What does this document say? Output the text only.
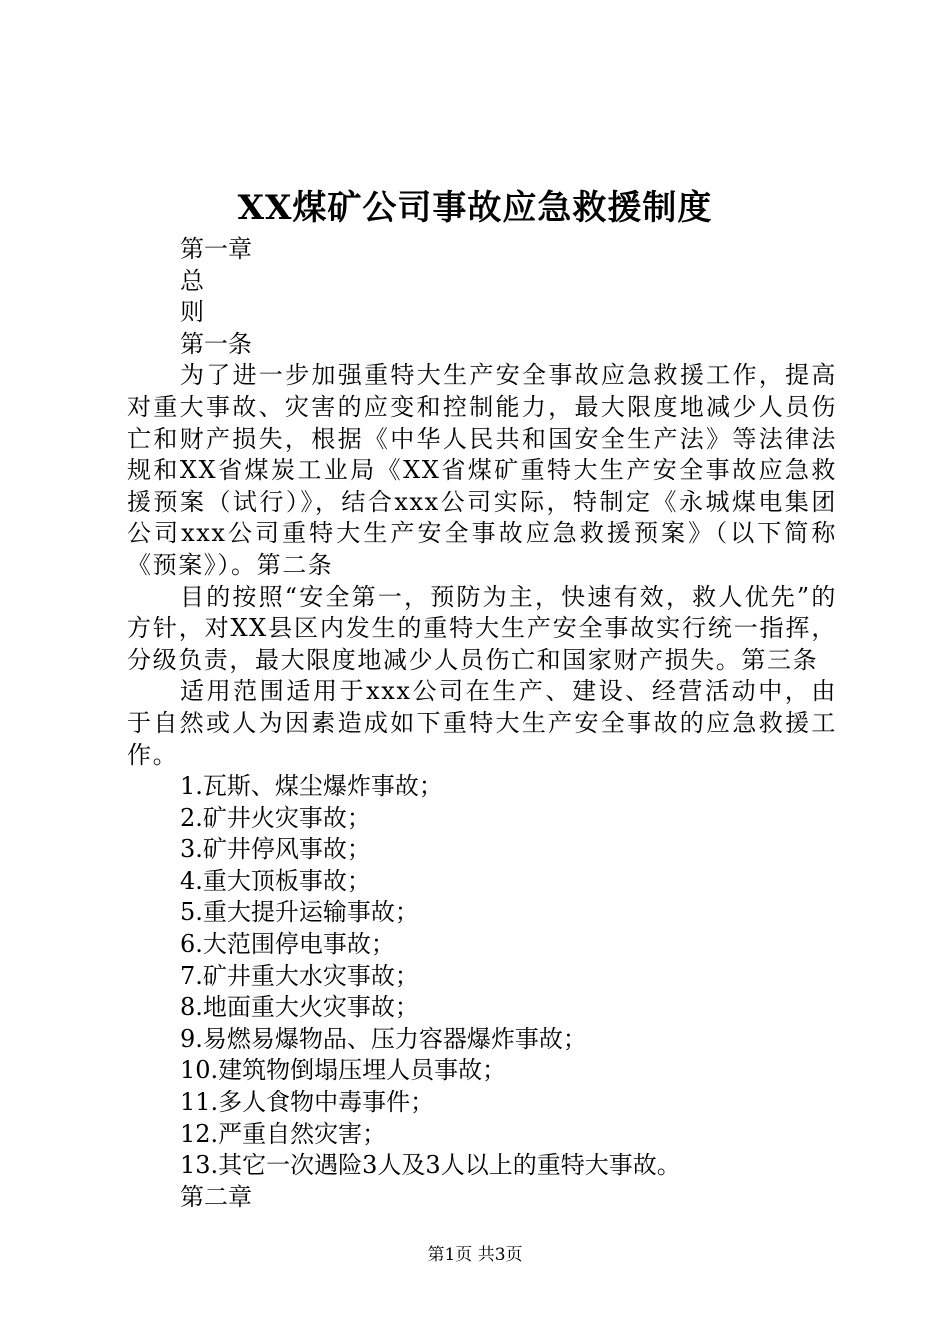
XX煤矿公司事故应急救援制度
第一章
总
则
第一条

为了进一步加强重特大生产安全事故应急救援工作，提高对重大事故、灾害的应变和控制能力，最大限度地减少人员伤亡和财产损失，根据《中华人民共和国安全生产法》等法律法规和XX省煤炭工业局《XX省煤矿重特大生产安全事故应急救援预案（试行）》，结合xxx公司实际，特制定《永城煤电集团公司xxx公司重特大生产安全事故应急救援预案》（以下简称《预案》）。第二条

目的按照“安全第一，预防为主，快速有效，救人优先”的方针，对XX县区内发生的重特大生产安全事故实行统一指挥，分级负责，最大限度地减少人员伤亡和国家财产损失。第三条

适用范围适用于xxx公司在生产、建设、经营活动中，由于自然或人为因素造成如下重特大生产安全事故的应急救援工作。

1.瓦斯、煤尘爆炸事故；
2.矿井火灾事故；
3.矿井停风事故；
4.重大顶板事故；
5.重大提升运输事故；
6.大范围停电事故；
7.矿井重大水灾事故；
8.地面重大火灾事故；
9.易燃易爆物品、压力容器爆炸事故；
10.建筑物倒塌压埋人员事故；
11.多人食物中毒事件；
12.严重自然灾害；
13.其它一次遇险3人及3人以上的重特大事故。
第二章
第1页 共3页
